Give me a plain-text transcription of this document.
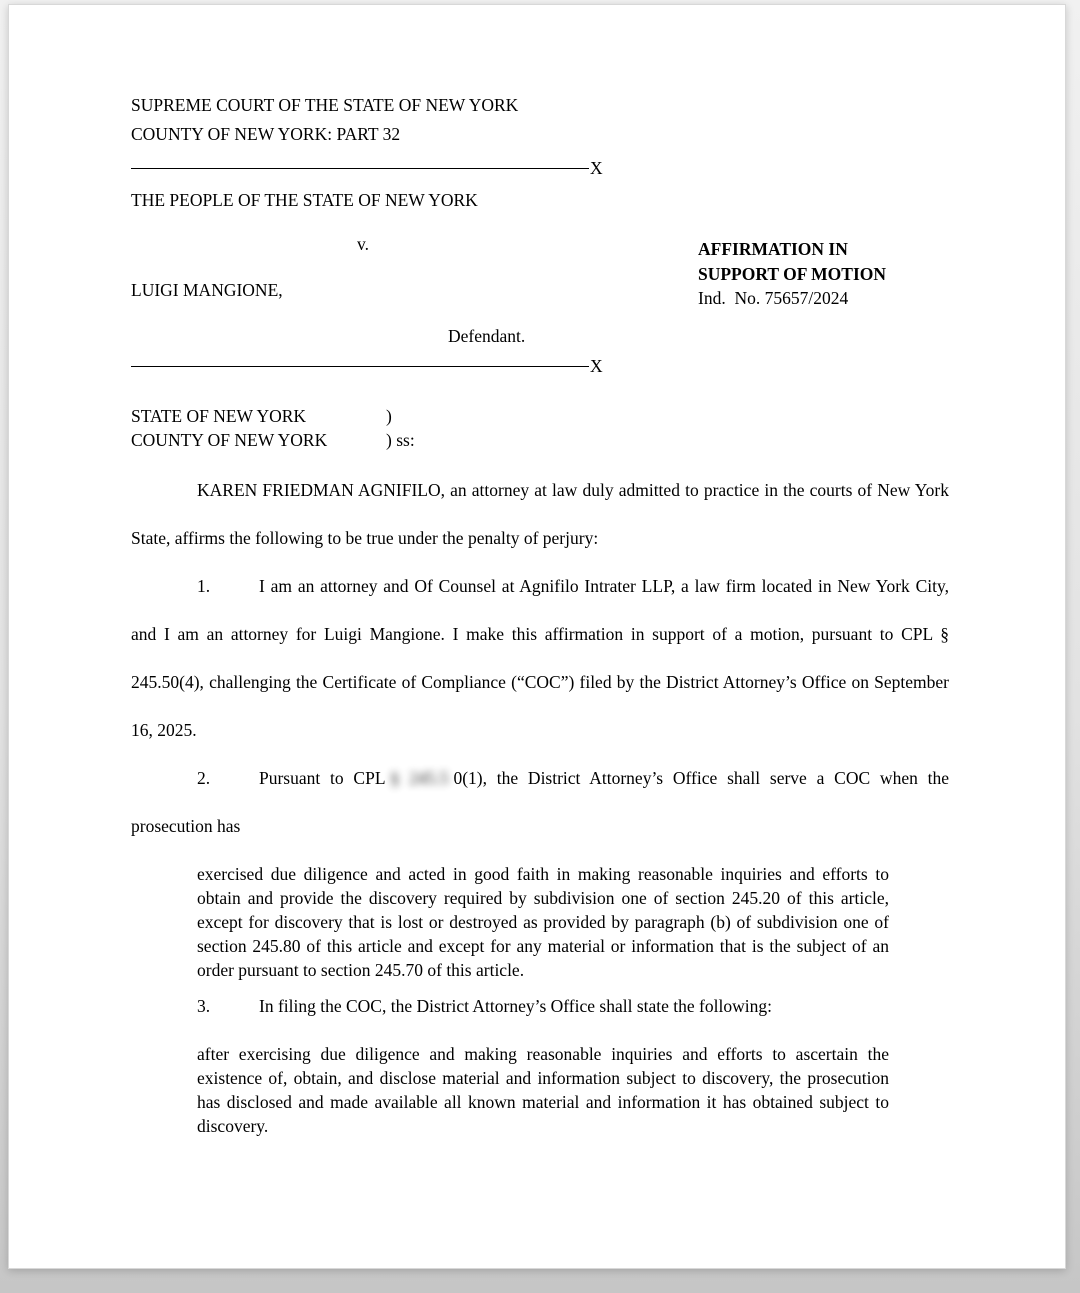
SUPREME COURT OF THE STATE OF NEW YORK
COUNTY OF NEW YORK: PART 32
X
THE PEOPLE OF THE STATE OF NEW YORK
v.
LUIGI MANGIONE,
Defendant.
AFFIRMATION IN
SUPPORT OF MOTION
Ind.  No. 75657/2024
X
STATE OF NEW YORK	)
COUNTY OF NEW YORK	) ss:

KAREN FRIEDMAN AGNIFILO, an attorney at law duly admitted to practice in the courts of New York State, affirms the following to be true under the penalty of perjury:

1.	I am an attorney and Of Counsel at Agnifilo Intrater LLP, a law firm located in New York City, and I am an attorney for Luigi Mangione. I make this affirmation in support of a motion, pursuant to CPL § 245.50(4), challenging the Certificate of Compliance (“COC”) filed by the District Attorney’s Office on September 16, 2025.

2.	Pursuant to CPL § 245.5 0(1), the District Attorney’s Office shall serve a COC when the prosecution has

exercised due diligence and acted in good faith in making reasonable inquiries and efforts to obtain and provide the discovery required by subdivision one of section 245.20 of this article, except for discovery that is lost or destroyed as provided by paragraph (b) of subdivision one of section 245.80 of this article and except for any material or information that is the subject of an order pursuant to section 245.70 of this article.

3.	In filing the COC, the District Attorney’s Office shall state the following:

after exercising due diligence and making reasonable inquiries and efforts to ascertain the existence of, obtain, and disclose material and information subject to discovery, the prosecution has disclosed and made available all known material and information it has obtained subject to discovery.
